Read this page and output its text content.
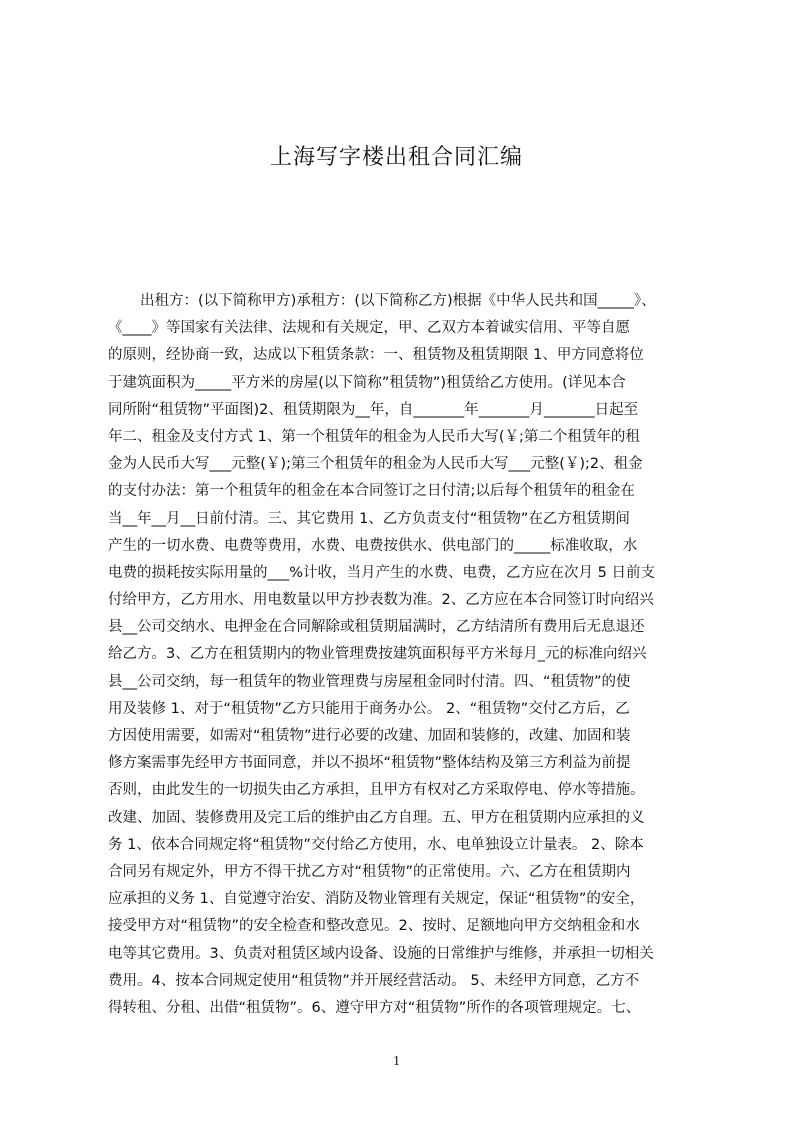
上海写字楼出租合同汇编
出租方：(以下简称甲方)承租方：(以下简称乙方)根据《中华人民共和国_____》、
《____》等国家有关法律、法规和有关规定，甲、乙双方本着诚实信用、平等自愿
的原则，经协商一致，达成以下租赁条款：一、租赁物及租赁期限 1、甲方同意将位
于建筑面积为_____平方米的房屋(以下简称”租赁物”)租赁给乙方使用。(详见本合
同所附“租赁物”平面图)2、租赁期限为__年，自_______年_______月_______日起至
年二、租金及支付方式 1、第一个租赁年的租金为人民币大写(￥;第二个租赁年的租
金为人民币大写___元整(￥);第三个租赁年的租金为人民币大写___元整(￥);2、租金
的支付办法：第一个租赁年的租金在本合同签订之日付清;以后每个租赁年的租金在
当__年__月__日前付清。三、其它费用 1、乙方负责支付“租赁物”在乙方租赁期间
产生的一切水费、电费等费用，水费、电费按供水、供电部门的_____标准收取，水
电费的损耗按实际用量的___%计收，当月产生的水费、电费，乙方应在次月 5 日前支
付给甲方，乙方用水、用电数量以甲方抄表数为准。2、乙方应在本合同签订时向绍兴
县__公司交纳水、电押金在合同解除或租赁期届满时，乙方结清所有费用后无息退还
给乙方。3、乙方在租赁期内的物业管理费按建筑面积每平方米每月_元的标准向绍兴
县__公司交纳，每一租赁年的物业管理费与房屋租金同时付清。四、“租赁物”的使
用及装修 1、对于“租赁物”乙方只能用于商务办公。 2、“租赁物”交付乙方后，乙
方因使用需要，如需对“租赁物”进行必要的改建、加固和装修的，改建、加固和装
修方案需事先经甲方书面同意，并以不损坏“租赁物”整体结构及第三方利益为前提
否则，由此发生的一切损失由乙方承担，且甲方有权对乙方采取停电、停水等措施。
改建、加固、装修费用及完工后的维护由乙方自理。五、甲方在租赁期内应承担的义
务 1、依本合同规定将“租赁物”交付给乙方使用，水、电单独设立计量表。 2、除本
合同另有规定外，甲方不得干扰乙方对“租赁物”的正常使用。六、乙方在租赁期内
应承担的义务 1、自觉遵守治安、消防及物业管理有关规定，保证“租赁物”的安全，
接受甲方对“租赁物”的安全检查和整改意见。2、按时、足额地向甲方交纳租金和水
电等其它费用。3、负责对租赁区域内设备、设施的日常维护与维修，并承担一切相关
费用。4、按本合同规定使用“租赁物”并开展经营活动。 5、未经甲方同意，乙方不
得转租、分租、出借“租赁物”。6、遵守甲方对“租赁物”所作的各项管理规定。七、
1
